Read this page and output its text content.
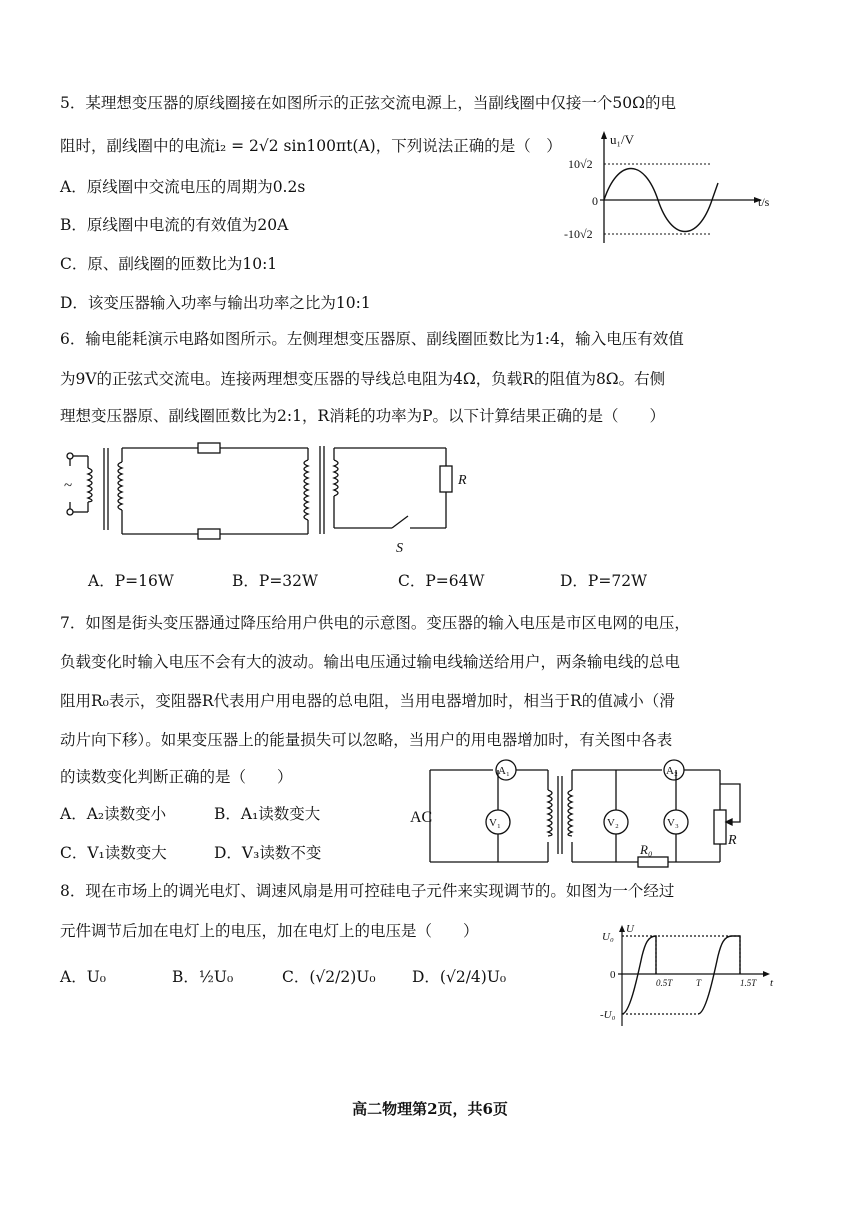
5．某理想变压器的原线圈接在如图所示的正弦交流电源上，当副线圈中仅接一个50Ω的电
阻时，副线圈中的电流i₂ = 2√2 sin100πt(A)，下列说法正确的是（　）
A．原线圈中交流电压的周期为0.2s
B．原线圈中电流的有效值为20A
C．原、副线圈的匝数比为10:1
D．该变压器输入功率与输出功率之比为10:1
u₁/V
t/s
10√2
0
-10√2
6．输电能耗演示电路如图所示。左侧理想变压器原、副线圈匝数比为1:4，输入电压有效值
为9V的正弦式交流电。连接两理想变压器的导线总电阻为4Ω，负载R的阻值为8Ω。右侧
理想变压器原、副线圈匝数比为2:1，R消耗的功率为P。以下计算结果正确的是（　　）
~	R
S
A．P=16W	B．P=32W	C．P=64W	D．P=72W
7．如图是街头变压器通过降压给用户供电的示意图。变压器的输入电压是市区电网的电压，
负载变化时输入电压不会有大的波动。输出电压通过输电线输送给用户，两条输电线的总电
阻用R₀表示，变阻器R代表用户用电器的总电阻，当用电器增加时，相当于R的值减小（滑
动片向下移）。如果变压器上的能量损失可以忽略，当用户的用电器增加时，有关图中各表
的读数变化判断正确的是（　　）
A．A₂读数变小	B．A₁读数变大
C．V₁读数变大	D．V₃读数不变
AC
A₁	A₂
V₁	V₂	V₃
R₀
R
8．现在市场上的调光电灯、调速风扇是用可控硅电子元件来实现调节的。如图为一个经过
元件调节后加在电灯上的电压，加在电灯上的电压是（　　）
A．U₀	B．½U₀	C．(√2/2)U₀ D．(√2/4)U₀
U
U₀
-U₀
0
0.5T	T	1.5T t
高二物理第2页，共6页
